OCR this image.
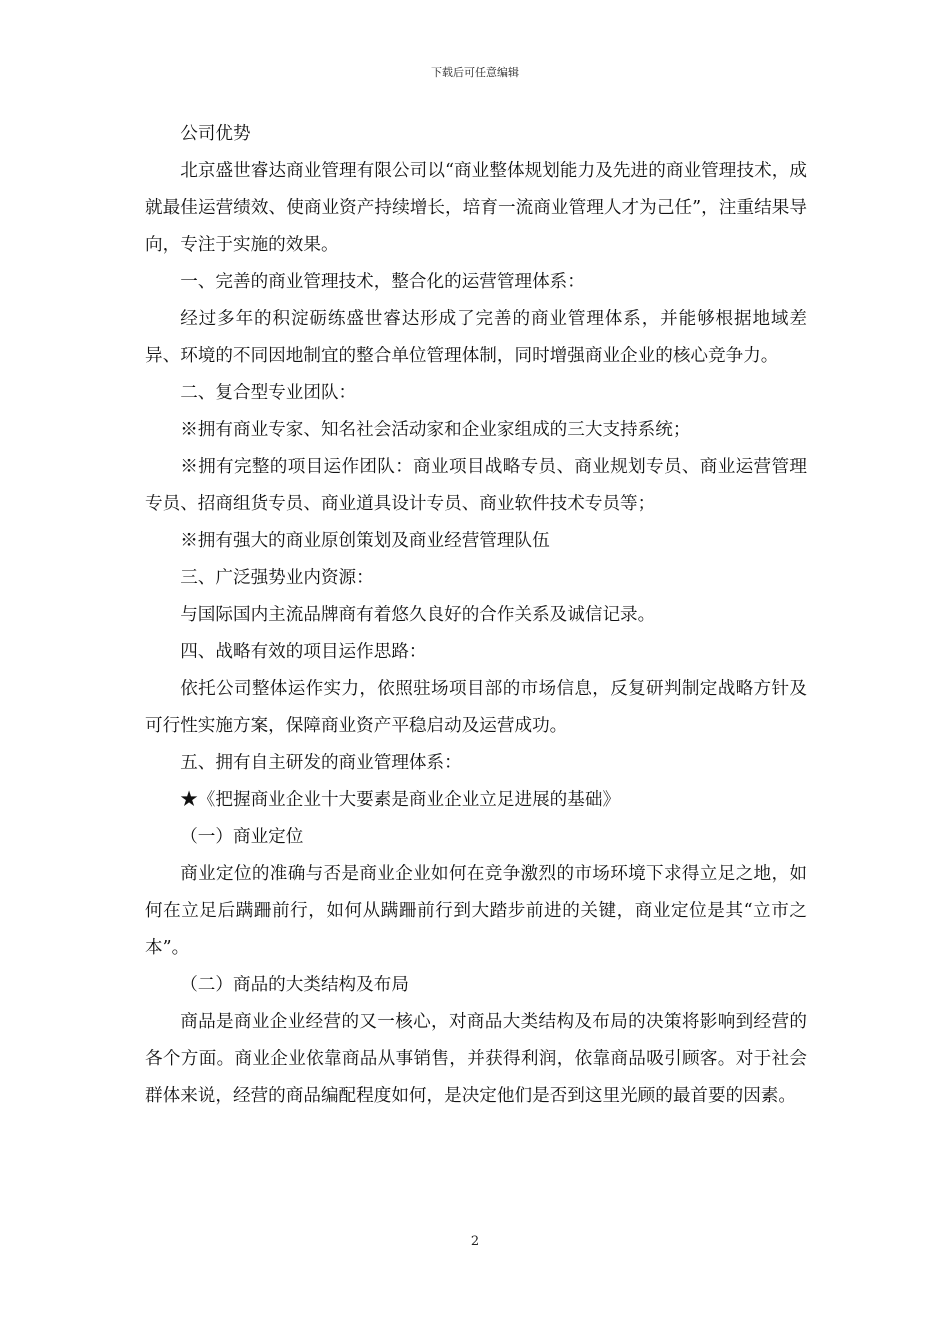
下载后可任意编辑

公司优势

北京盛世睿达商业管理有限公司以“商业整体规划能力及先进的商业管理技术，成就最佳运营绩效、使商业资产持续增长，培育一流商业管理人才为己任”，注重结果导向，专注于实施的效果。

一、完善的商业管理技术，整合化的运营管理体系：

经过多年的积淀砺练盛世睿达形成了完善的商业管理体系，并能够根据地域差异、环境的不同因地制宜的整合单位管理体制，同时增强商业企业的核心竞争力。

二、复合型专业团队：

※拥有商业专家、知名社会活动家和企业家组成的三大支持系统；

※拥有完整的项目运作团队：商业项目战略专员、商业规划专员、商业运营管理专员、招商组货专员、商业道具设计专员、商业软件技术专员等；

※拥有强大的商业原创策划及商业经营管理队伍

三、广泛强势业内资源：

与国际国内主流品牌商有着悠久良好的合作关系及诚信记录。

四、战略有效的项目运作思路：

依托公司整体运作实力，依照驻场项目部的市场信息，反复研判制定战略方针及可行性实施方案，保障商业资产平稳启动及运营成功。

五、拥有自主研发的商业管理体系：

★《把握商业企业十大要素是商业企业立足进展的基础》

（一）商业定位

商业定位的准确与否是商业企业如何在竞争激烈的市场环境下求得立足之地，如何在立足后蹒跚前行，如何从蹒跚前行到大踏步前进的关键，商业定位是其“立市之本”。

（二）商品的大类结构及布局

商品是商业企业经营的又一核心，对商品大类结构及布局的决策将影响到经营的各个方面。商业企业依靠商品从事销售，并获得利润，依靠商品吸引顾客。对于社会群体来说，经营的商品编配程度如何，是决定他们是否到这里光顾的最首要的因素。

2
